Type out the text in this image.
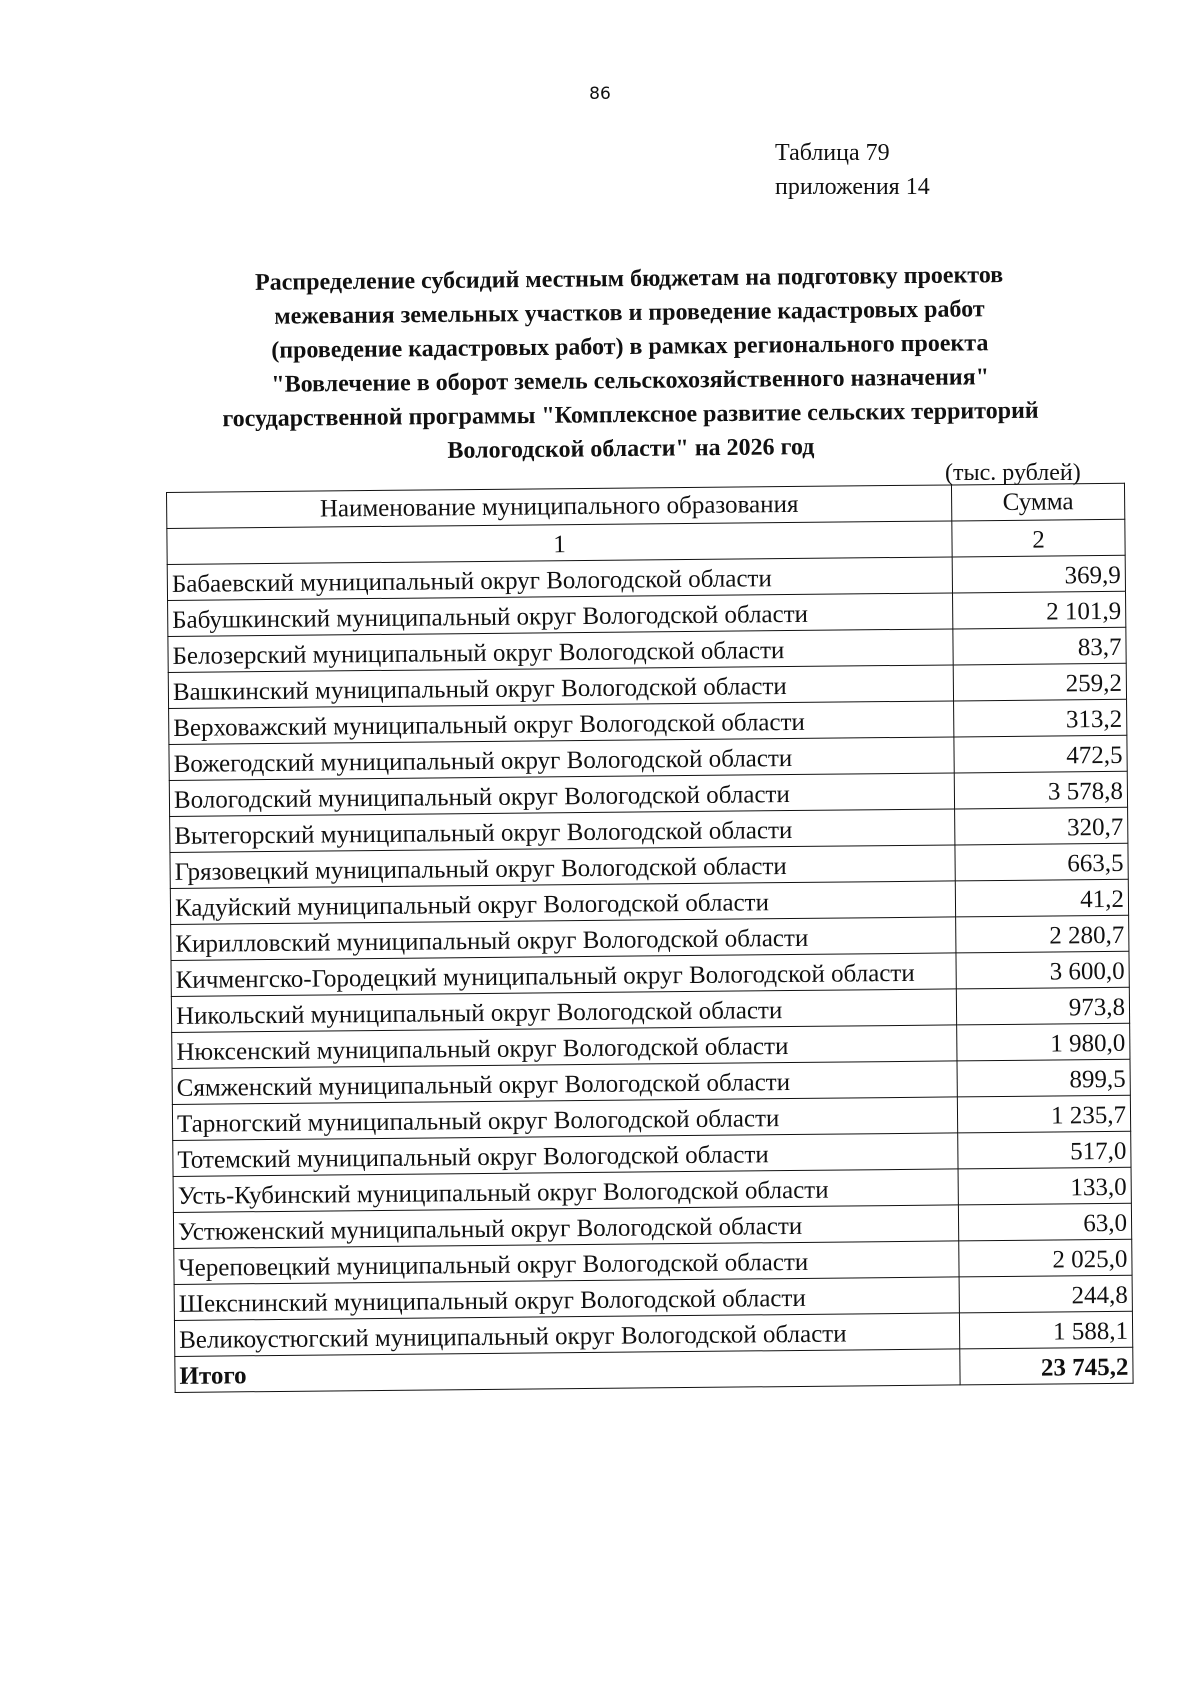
86
Таблица 79
приложения 14
Распределение субсидий местным бюджетам на подготовку проектов
межевания земельных участков и проведение кадастровых работ
(проведение кадастровых работ) в рамках регионального проекта
"Вовлечение в оборот земель сельскохозяйственного назначения"
государственной программы "Комплексное развитие сельских территорий
Вологодской области" на 2026 год
(тыс. рублей)
Наименование муниципального образования	Сумма
1	2
Бабаевский муниципальный округ Вологодской области	369,9
Бабушкинский муниципальный округ Вологодской области	2 101,9
Белозерский муниципальный округ Вологодской области	83,7
Вашкинский муниципальный округ Вологодской области	259,2
Верховажский муниципальный округ Вологодской области	313,2
Вожегодский муниципальный округ Вологодской области	472,5
Вологодский муниципальный округ Вологодской области	3 578,8
Вытегорский муниципальный округ Вологодской области	320,7
Грязовецкий муниципальный округ Вологодской области	663,5
Кадуйский муниципальный округ Вологодской области	41,2
Кирилловский муниципальный округ Вологодской области	2 280,7
Кичменгско-Городецкий муниципальный округ Вологодской области	3 600,0
Никольский муниципальный округ Вологодской области	973,8
Нюксенский муниципальный округ Вологодской области	1 980,0
Сямженский муниципальный округ Вологодской области	899,5
Тарногский муниципальный округ Вологодской области	1 235,7
Тотемский муниципальный округ Вологодской области	517,0
Усть-Кубинский муниципальный округ Вологодской области	133,0
Устюженский муниципальный округ Вологодской области	63,0
Череповецкий муниципальный округ Вологодской области	2 025,0
Шекснинский муниципальный округ Вологодской области	244,8
Великоустюгский муниципальный округ Вологодской области	1 588,1
Итого	23 745,2
